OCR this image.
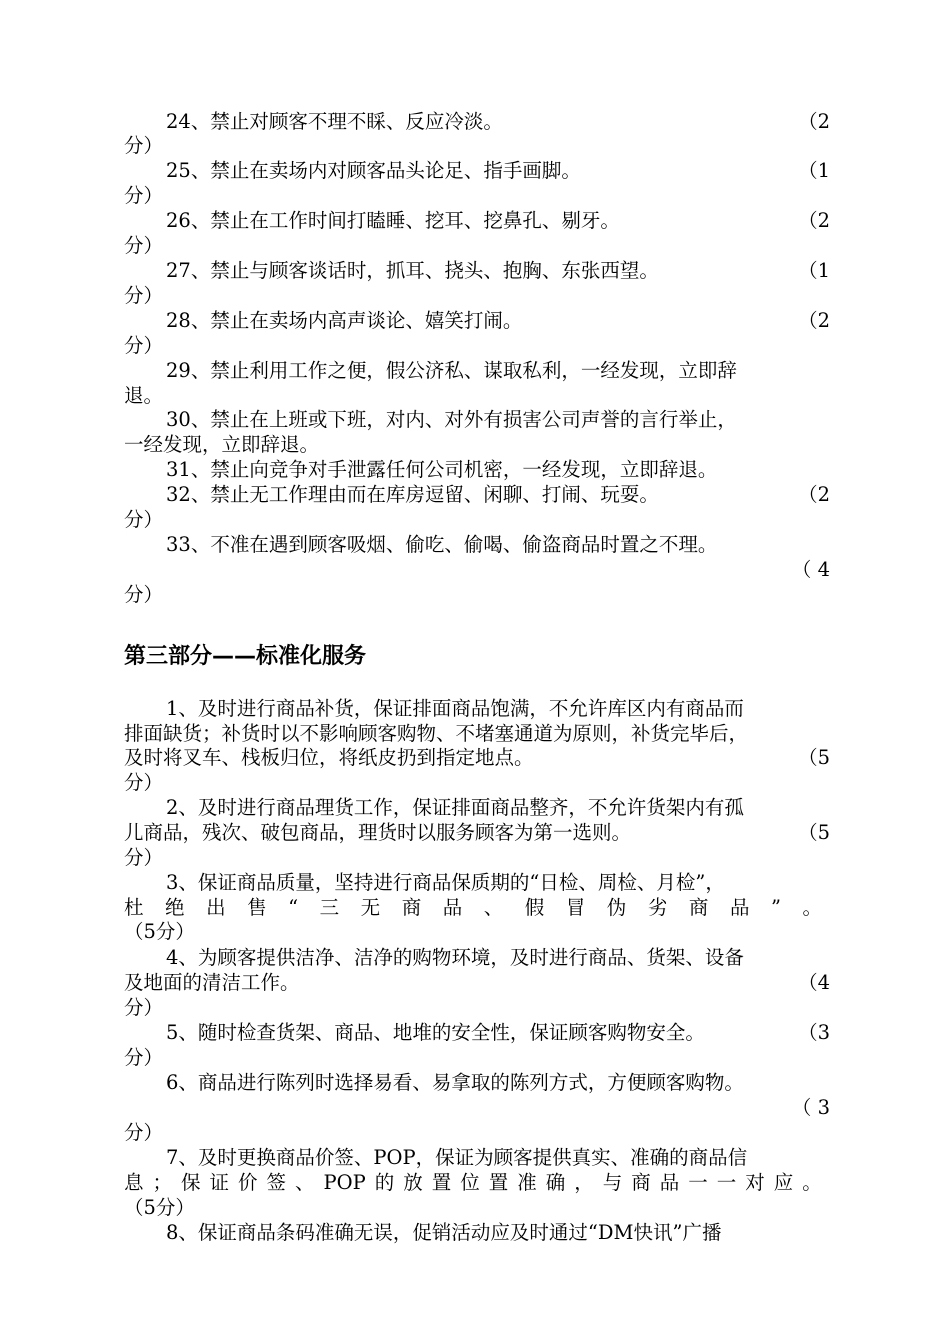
24、禁止对顾客不理不睬、反应冷淡。	（2
分）
25、禁止在卖场内对顾客品头论足、指手画脚。	（1
分）
26、禁止在工作时间打瞌睡、挖耳、挖鼻孔、剔牙。	（2
分）
27、禁止与顾客谈话时，抓耳、挠头、抱胸、东张西望。	（1
分）
28、禁止在卖场内高声谈论、嬉笑打闹。	（2
分）
29、禁止利用工作之便，假公济私、谋取私利，一经发现，立即辞
退。
30、禁止在上班或下班，对内、对外有损害公司声誉的言行举止，
一经发现，立即辞退。
31、禁止向竞争对手泄露任何公司机密，一经发现，立即辞退。
32、禁止无工作理由而在库房逗留、闲聊、打闹、玩耍。	（2
分）
33、不准在遇到顾客吸烟、偷吃、偷喝、偷盗商品时置之不理。
（ 4
分）
第三部分——标准化服务
1、及时进行商品补货，保证排面商品饱满，不允许库区内有商品而
排面缺货；补货时以不影响顾客购物、不堵塞通道为原则，补货完毕后，
及时将叉车、栈板归位，将纸皮扔到指定地点。	（5
分）
2、及时进行商品理货工作，保证排面商品整齐，不允许货架内有孤
儿商品，残次、破包商品，理货时以服务顾客为第一选则。	（5
分）
3、保证商品质量，坚持进行商品保质期的“日检、周检、月检”，
杜 绝 出 售 “ 三 无 商 品 、 假 冒 伪 劣 商 品 ” 。
（5分）
4、为顾客提供洁净、洁净的购物环境，及时进行商品、货架、设备
及地面的清洁工作。	（4
分）
5、随时检查货架、商品、地堆的安全性，保证顾客购物安全。	（3
分）
6、商品进行陈列时选择易看、易拿取的陈列方式，方便顾客购物。
（ 3
分）
7、及时更换商品价签、POP，保证为顾客提供真实、准确的商品信
息 ； 保 证 价 签 、 POP 的 放 置 位 置 准 确 ， 与 商 品 一 一 对 应 。
（5分）
8、保证商品条码准确无误，促销活动应及时通过“DM快讯”广播
